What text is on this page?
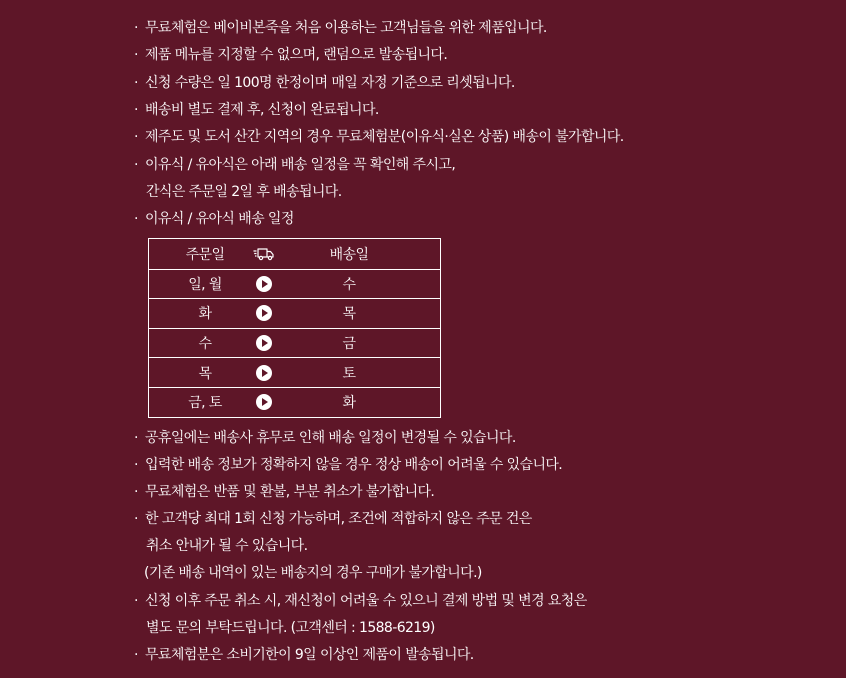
· 무료체험은 베이비본죽을 처음 이용하는 고객님들을 위한 제품입니다.
· 제품 메뉴를 지정할 수 없으며, 랜덤으로 발송됩니다.
· 신청 수량은 일 100명 한정이며 매일 자정 기준으로 리셋됩니다.
· 배송비 별도 결제 후, 신청이 완료됩니다.
· 제주도 및 도서 산간 지역의 경우 무료체험분(이유식·실온 상품) 배송이 불가합니다.
· 이유식 / 유아식은 아래 배송 일정을 꼭 확인해 주시고,
간식은 주문일 2일 후 배송됩니다.
· 이유식 / 유아식 배송 일정
주문일	배송일
일, 월	수
화	목
수	금
목	토
금, 토	화
· 공휴일에는 배송사 휴무로 인해 배송 일정이 변경될 수 있습니다.
· 입력한 배송 정보가 정확하지 않을 경우 정상 배송이 어려울 수 있습니다.
· 무료체험은 반품 및 환불, 부분 취소가 불가합니다.
· 한 고객당 최대 1회 신청 가능하며, 조건에 적합하지 않은 주문 건은
취소 안내가 될 수 있습니다.
(기존 배송 내역이 있는 배송지의 경우 구매가 불가합니다.)
· 신청 이후 주문 취소 시, 재신청이 어려울 수 있으니 결제 방법 및 변경 요청은
별도 문의 부탁드립니다. (고객센터 : 1588-6219)
· 무료체험분은 소비기한이 9일 이상인 제품이 발송됩니다.
